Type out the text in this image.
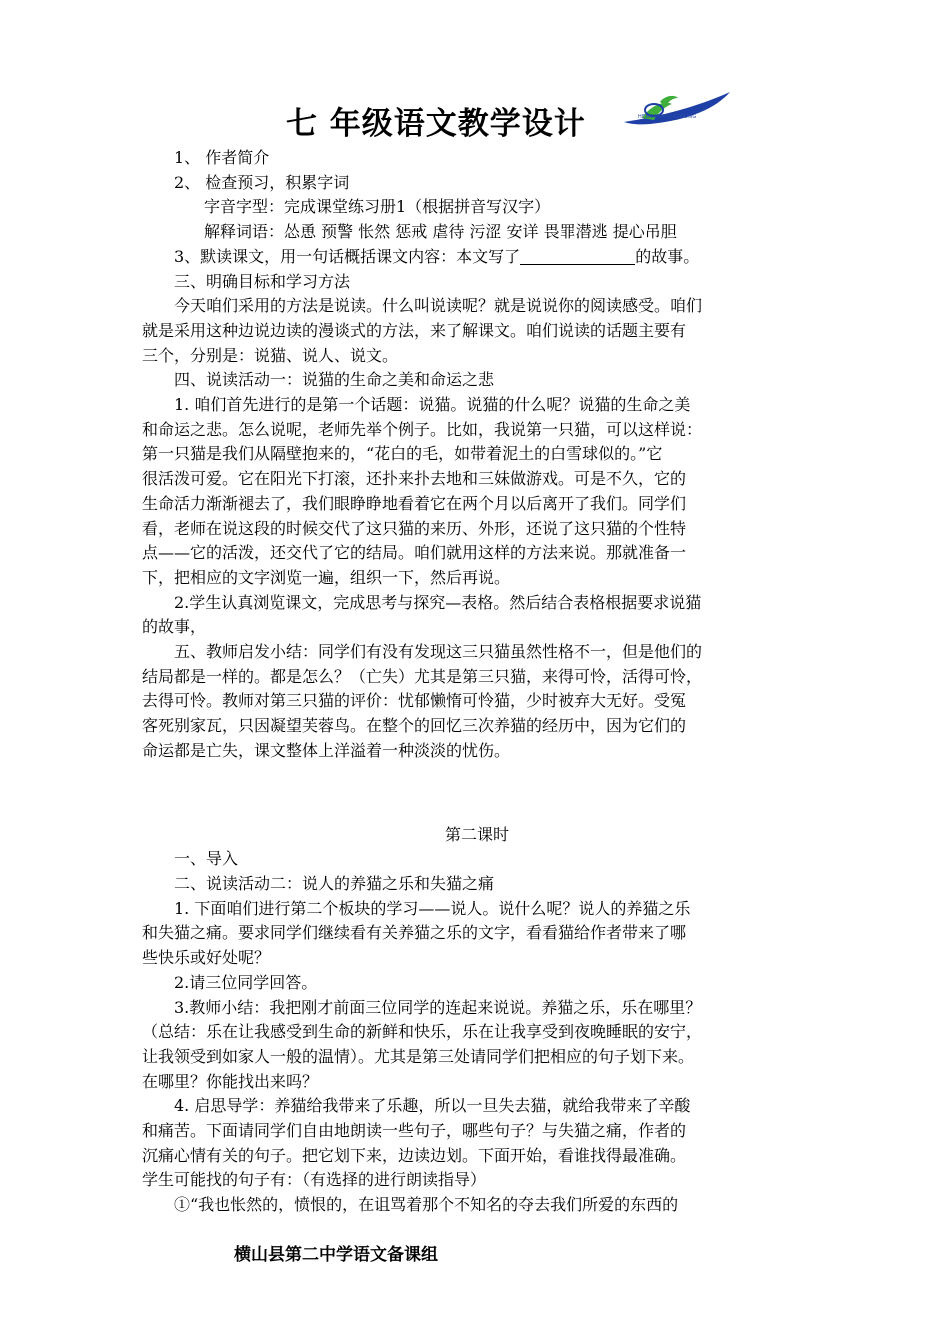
七 年级语文教学设计	HENGSHANERZHONG
1、 作者简介
2、 检查预习，积累字词
字音字型：完成课堂练习册1（根据拼音写汉字）
解释词语：怂恿 预警 怅然 惩戒 虐待 污涩 安详 畏罪潜逃 提心吊胆
3、默读课文，用一句话概括课文内容：本文写了	的故事。
三、明确目标和学习方法
今天咱们采用的方法是说读。什么叫说读呢？就是说说你的阅读感受。咱们
就是采用这种边说边读的漫谈式的方法，来了解课文。咱们说读的话题主要有
三个，分别是：说猫、说人、说文。
四、说读活动一：说猫的生命之美和命运之悲
1. 咱们首先进行的是第一个话题：说猫。说猫的什么呢？说猫的生命之美
和命运之悲。怎么说呢，老师先举个例子。比如，我说第一只猫，可以这样说：
第一只猫是我们从隔壁抱来的，“花白的毛，如带着泥土的白雪球似的。”它
很活泼可爱。它在阳光下打滚，还扑来扑去地和三妹做游戏。可是不久，它的
生命活力渐渐褪去了，我们眼睁睁地看着它在两个月以后离开了我们。同学们
看，老师在说这段的时候交代了这只猫的来历、外形，还说了这只猫的个性特
点——它的活泼，还交代了它的结局。咱们就用这样的方法来说。那就准备一
下，把相应的文字浏览一遍，组织一下，然后再说。
2.学生认真浏览课文，完成思考与探究—表格。然后结合表格根据要求说猫
的故事，
五、教师启发小结：同学们有没有发现这三只猫虽然性格不一，但是他们的
结局都是一样的。都是怎么？（亡失）尤其是第三只猫，来得可怜，活得可怜，
去得可怜。教师对第三只猫的评价：忧郁懒惰可怜猫，少时被弃大无好。受冤
客死别家瓦，只因凝望芙蓉鸟。在整个的回忆三次养猫的经历中，因为它们的
命运都是亡失，课文整体上洋溢着一种淡淡的忧伤。
第二课时
一、导入
二、说读活动二：说人的养猫之乐和失猫之痛
1. 下面咱们进行第二个板块的学习——说人。说什么呢？说人的养猫之乐
和失猫之痛。要求同学们继续看有关养猫之乐的文字，看看猫给作者带来了哪
些快乐或好处呢？
2.请三位同学回答。
3.教师小结：我把刚才前面三位同学的连起来说说。养猫之乐，乐在哪里？
（总结：乐在让我感受到生命的新鲜和快乐，乐在让我享受到夜晚睡眠的安宁，
让我领受到如家人一般的温情）。尤其是第三处请同学们把相应的句子划下来。
在哪里？你能找出来吗？
4. 启思导学：养猫给我带来了乐趣，所以一旦失去猫，就给我带来了辛酸
和痛苦。下面请同学们自由地朗读一些句子，哪些句子？与失猫之痛，作者的
沉痛心情有关的句子。把它划下来，边读边划。下面开始，看谁找得最准确。
学生可能找的句子有：（有选择的进行朗读指导）
①“我也怅然的，愤恨的，在诅骂着那个不知名的夺去我们所爱的东西的
横山县第二中学语文备课组
